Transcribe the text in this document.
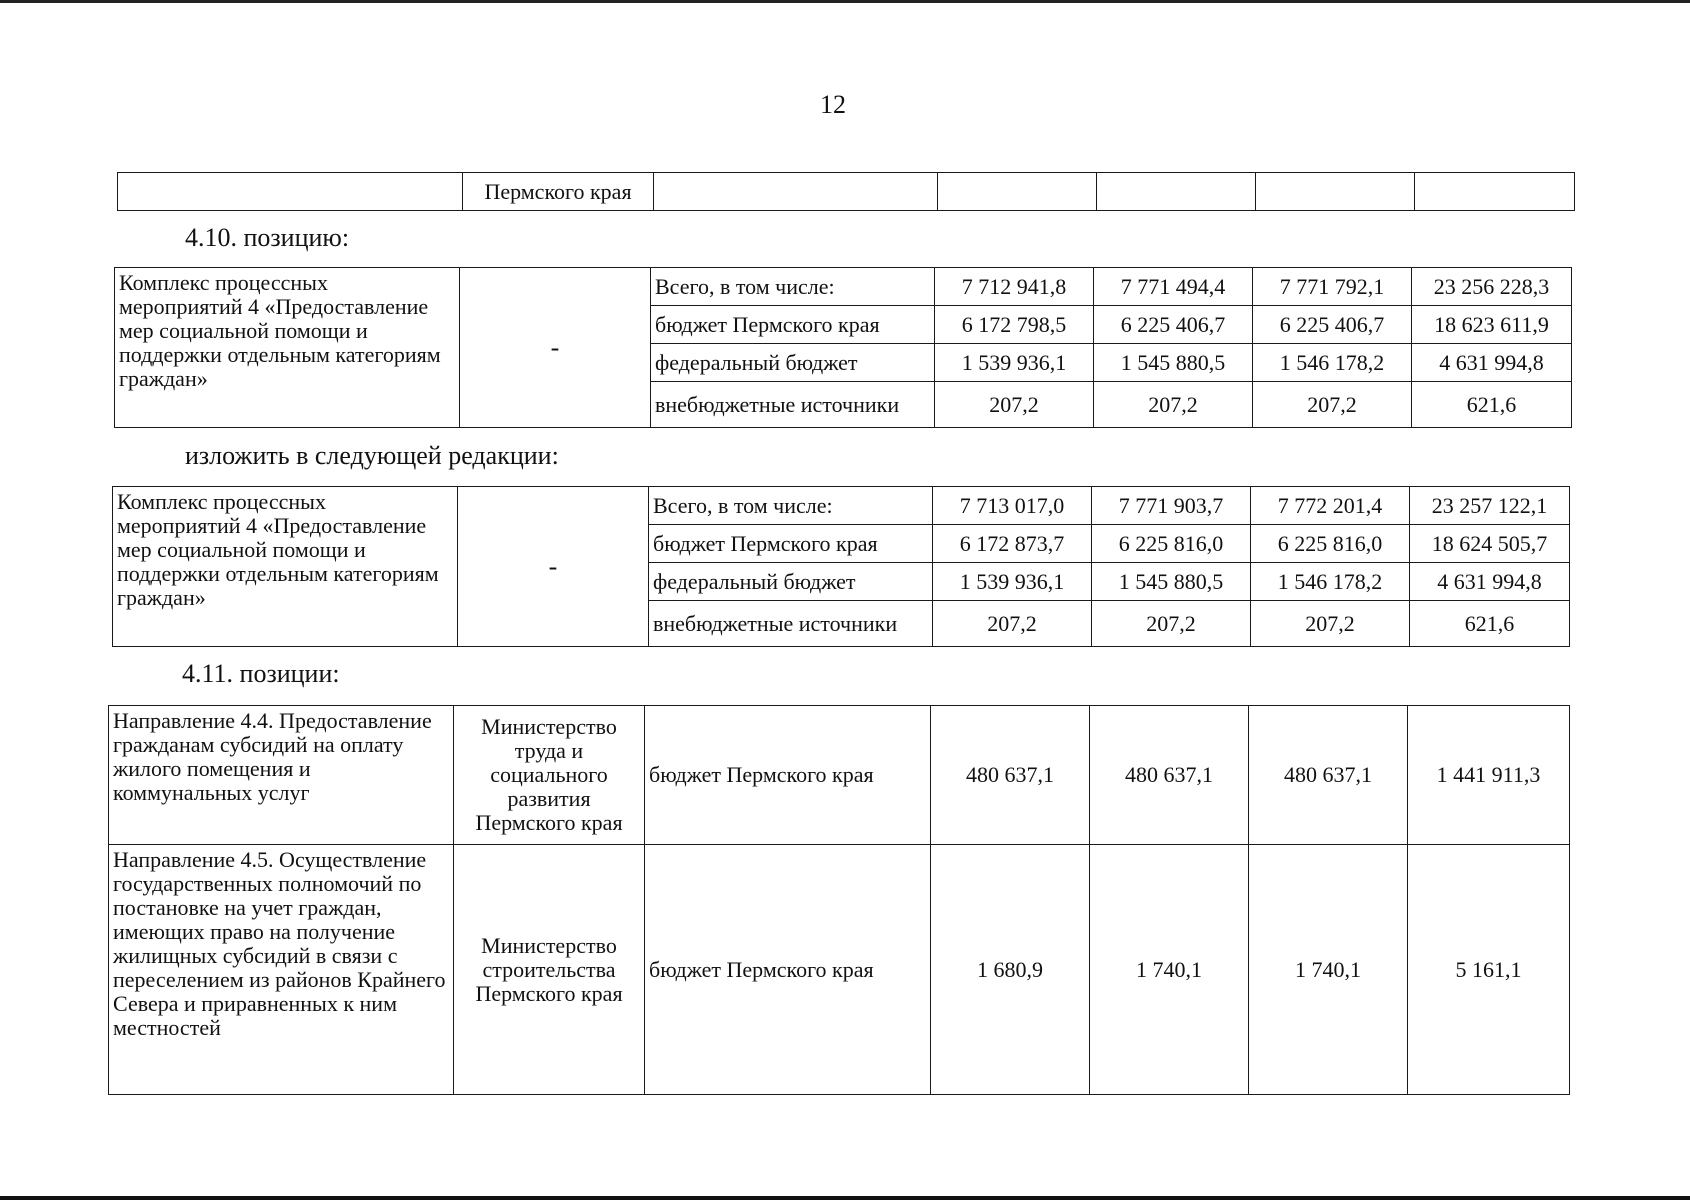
12
	Пермского края					
4.10. позицию:
Комплекс процессных мероприятий 4 «Предоставление мер социальной помощи и поддержки отдельным категориям граждан»	-	Всего, в том числе:	7 712 941,8	7 771 494,4	7 771 792,1	23 256 228,3
		бюджет Пермского края	6 172 798,5	6 225 406,7	6 225 406,7	18 623 611,9
		федеральный бюджет	1 539 936,1	1 545 880,5	1 546 178,2	4 631 994,8
		внебюджетные источники	207,2	207,2	207,2	621,6
изложить в следующей редакции:
Комплекс процессных мероприятий 4 «Предоставление мер социальной помощи и поддержки отдельным категориям граждан»	-	Всего, в том числе:	7 713 017,0	7 771 903,7	7 772 201,4	23 257 122,1
		бюджет Пермского края	6 172 873,7	6 225 816,0	6 225 816,0	18 624 505,7
		федеральный бюджет	1 539 936,1	1 545 880,5	1 546 178,2	4 631 994,8
		внебюджетные источники	207,2	207,2	207,2	621,6
4.11. позиции:
Направление 4.4. Предоставление гражданам субсидий на оплату жилого помещения и коммунальных услуг	Министерство труда и социального развития Пермского края	бюджет Пермского края	480 637,1	480 637,1	480 637,1	1 441 911,3
Направление 4.5. Осуществление государственных полномочий по постановке на учет граждан, имеющих право на получение жилищных субсидий в связи с переселением из районов Крайнего Севера и приравненных к ним местностей	Министерство строительства Пермского края	бюджет Пермского края	1 680,9	1 740,1	1 740,1	5 161,1
